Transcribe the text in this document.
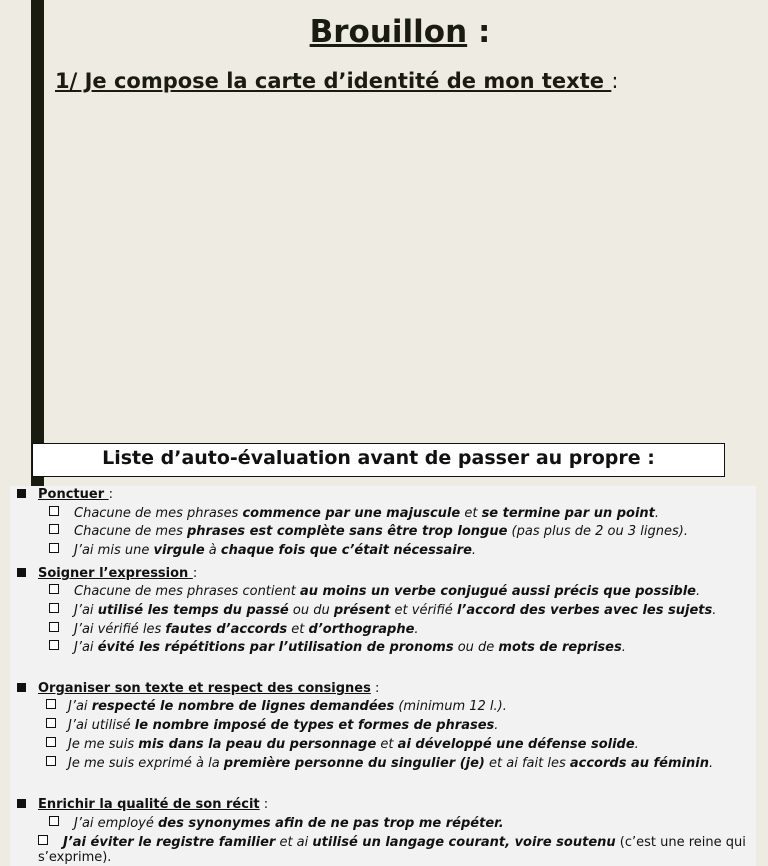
Brouillon :
1/ Je compose la carte d’identité de mon texte :
Liste d’auto-évaluation avant de passer au propre :
Ponctuer :
Chacune de mes phrases commence par une majuscule et se termine par un point.
Chacune de mes phrases est complète sans être trop longue (pas plus de 2 ou 3 lignes).
J’ai mis une virgule à chaque fois que c’était nécessaire.
Soigner l’expression :
Chacune de mes phrases contient au moins un verbe conjugué aussi précis que possible.
J’ai utilisé les temps du passé ou du présent et vérifié l’accord des verbes avec les sujets.
J’ai vérifié les fautes d’accords et d’orthographe.
J’ai évité les répétitions par l’utilisation de pronoms ou de mots de reprises.
Organiser son texte et respect des consignes :
J’ai respecté le nombre de lignes demandées (minimum 12 l.).
J’ai utilisé le nombre imposé de types et formes de phrases.
Je me suis mis dans la peau du personnage et ai développé une défense solide.
Je me suis exprimé à la première personne du singulier (je) et ai fait les accords au féminin.
Enrichir la qualité de son récit :
J’ai employé des synonymes afin de ne pas trop me répéter.
J’ai éviter le registre familier et ai utilisé un langage courant, voire soutenu (c’est une reine qui s’exprime).
